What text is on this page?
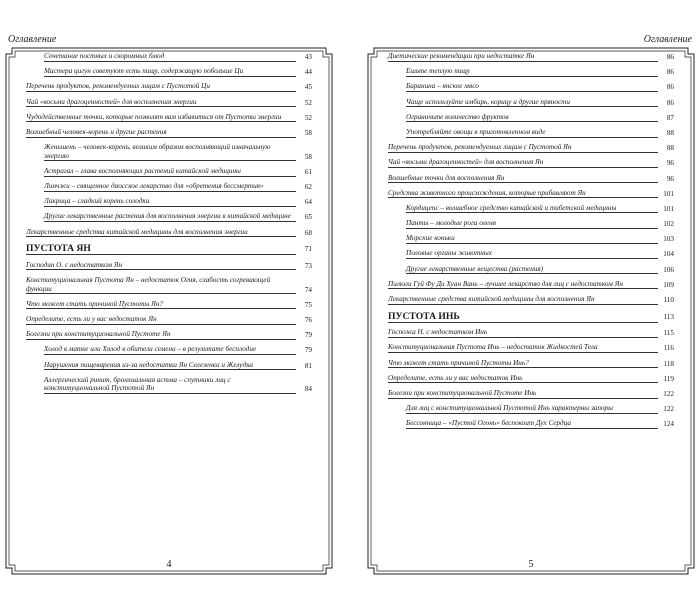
Оглавление
Сочетание постных и скоромных блюд	43
Мастера цигун советуют есть пищу, содержащую побольше Ци	44
Перечень продуктов, рекомендуемых лицам с Пустотой Ци	45
Чай «восьми драгоценностей» для восполнения энергии	52
Чудодейственные точки, которые позволят вам избавиться от Пустоты энергии	52
Волшебный человек-корень и другие растения	58
Женьшень – человек-корень, великим образом восполняющий изначальную энергию	58
Астрагал – глава восполняющих растений китайской медицины	61
Линчжи – священное даосское лекарство для «обретения бессмертия»	62
Лакрица – сладкий корень солодки	64
Другие лекарственные растения для восполнения энергии в китайской медицине	65
Лекарственные средства китайской медицины для восполнения энергии	68
ПУСТОТА ЯН	71
Господин О. с недостатком Ян	73
Конституциональная Пустота Ян – недостаток Огня, слабость согревающей функции	74
Что может стать причиной Пустоты Ян?	75
Определите, есть ли у вас недостаток Ян	76
Болезни при конституциональной Пустоте Ян	79
Холод в матке или Холод в обители семени – в результате бесплодие	79
Нарушения пищеварения из-за недостатка Ян Селезенки и Желудка	81
Аллергический ринит, бронхиальная астма – спутники лиц с конституциональной Пустотой Ян	84
4
Оглавление
Диетические рекомендации при недостатке Ян	86
Ешьте теплую пищу	86
Баранина – янское мясо	86
Чаще используйте имбирь, корицу и другие пряности	86
Ограничьте количество фруктов	87
Употребляйте овощи в приготовленном виде	88
Перечень продуктов, рекомендуемых лицам с Пустотой Ян	88
Чай «восьми драгоценностей» для восполнения Ян	96
Волшебные точки для восполнения Ян	96
Средства животного происхождения, которые прибавляют Ян	101
Кордицепс – волшебное средство китайской и тибетской медицины	101
Панты – молодые рога оленя	102
Морские коньки	103
Половые органы животных	104
Другие лекарственные вещества (растения)	106
Пилюли Гуй Фу Ди Хуан Вань – лучшее лекарство для лиц с недостатком Ян	109
Лекарственные средства китайской медицины для восполнения Ян	110
ПУСТОТА ИНЬ	113
Госпожа Н. с недостатком Инь	115
Конституциональная Пустота Инь – недостаток Жидкостей Тела	116
Что может стать причиной Пустоты Инь?	118
Определите, есть ли у вас недостаток Инь	119
Болезни при конституциональной Пустоте Инь	122
Для лиц с конституциональной Пустотой Инь характерны запоры	122
Бессонница – «Пустой Огонь» беспокоит Дух Сердца	124
5
